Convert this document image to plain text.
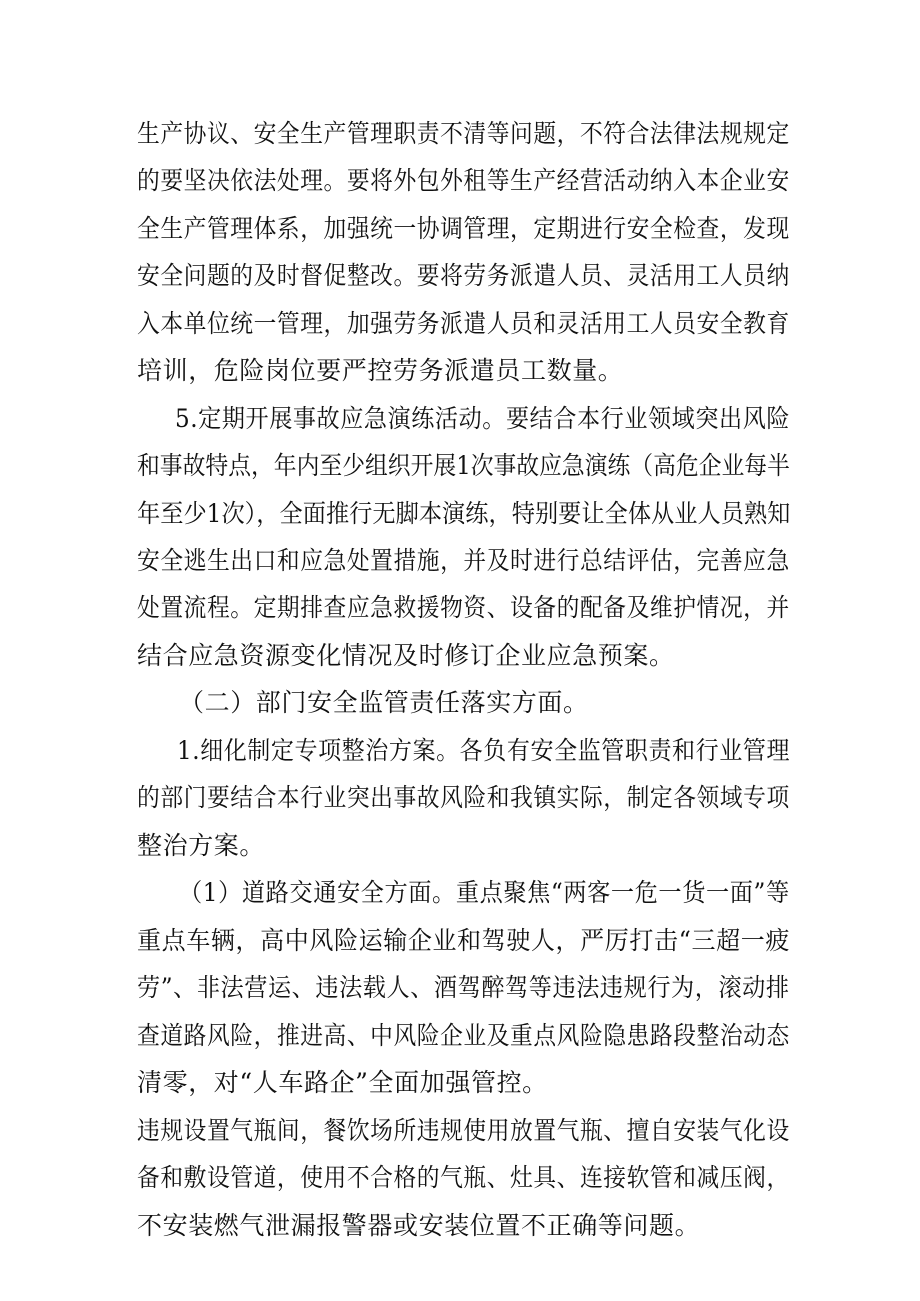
生产协议、安全生产管理职责不清等问题，不符合法律法规规定
的要坚决依法处理。要将外包外租等生产经营活动纳入本企业安
全生产管理体系，加强统一协调管理，定期进行安全检查，发现
安全问题的及时督促整改。要将劳务派遣人员、灵活用工人员纳
入本单位统一管理，加强劳务派遣人员和灵活用工人员安全教育
培训，危险岗位要严控劳务派遣员工数量。
5.定期开展事故应急演练活动。要结合本行业领域突出风险
和事故特点，年内至少组织开展1次事故应急演练（高危企业每半
年至少1次），全面推行无脚本演练，特别要让全体从业人员熟知
安全逃生出口和应急处置措施，并及时进行总结评估，完善应急
处置流程。定期排查应急救援物资、设备的配备及维护情况，并
结合应急资源变化情况及时修订企业应急预案。
（二）部门安全监管责任落实方面。
1.细化制定专项整治方案。各负有安全监管职责和行业管理
的部门要结合本行业突出事故风险和我镇实际，制定各领域专项
整治方案。
（1）道路交通安全方面。重点聚焦“两客一危一货一面”等
重点车辆，高中风险运输企业和驾驶人，严厉打击“三超一疲
劳”、非法营运、违法载人、酒驾醉驾等违法违规行为，滚动排
查道路风险，推进高、中风险企业及重点风险隐患路段整治动态
清零，对“人车路企”全面加强管控。
违规设置气瓶间，餐饮场所违规使用放置气瓶、擅自安装气化设
备和敷设管道，使用不合格的气瓶、灶具、连接软管和减压阀，
不安装燃气泄漏报警器或安装位置不正确等问题。
